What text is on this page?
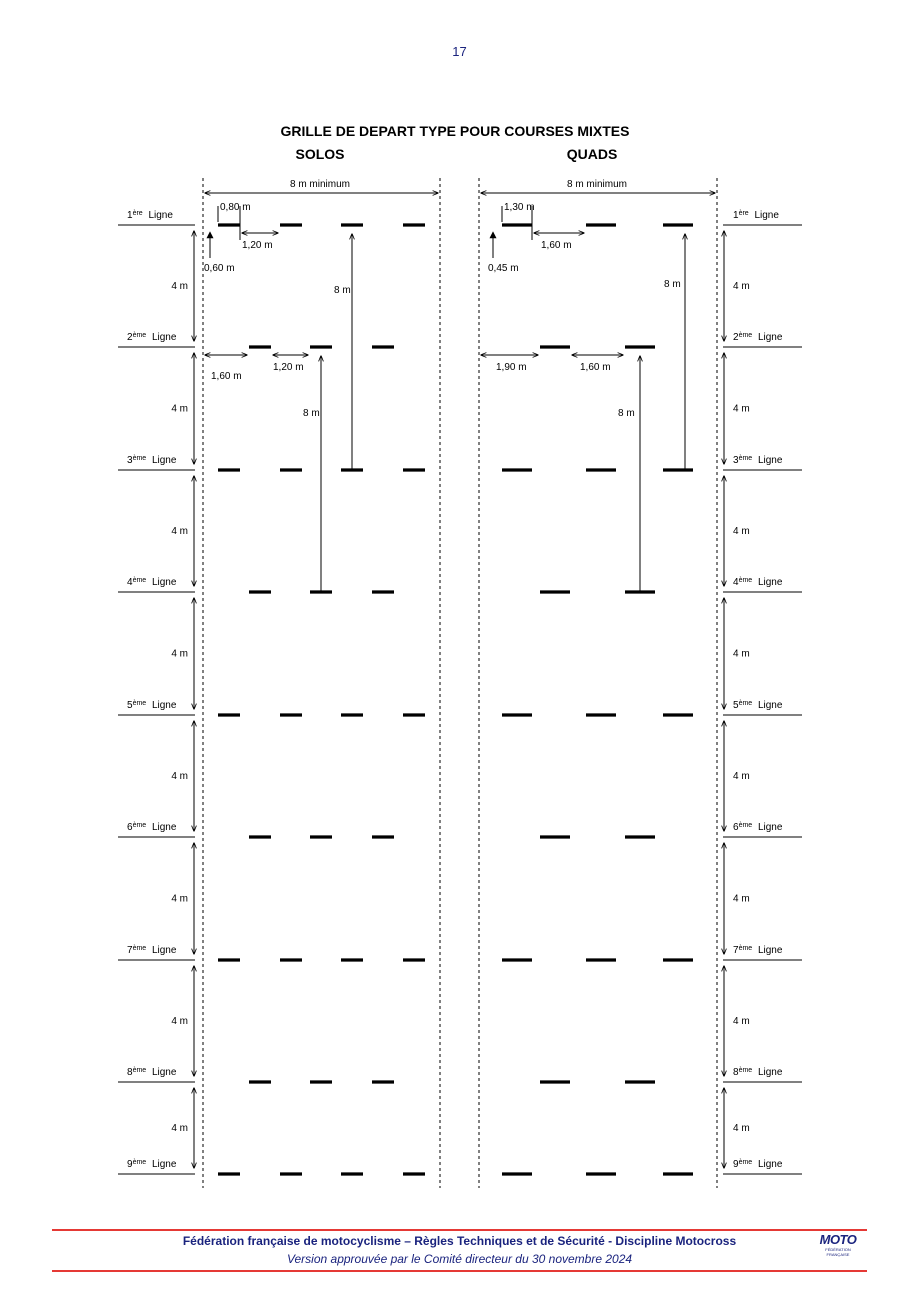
17
GRILLE DE DEPART TYPE POUR COURSES MIXTES
SOLOS	QUADS
8 m minimum	8 m minimum
1ère Ligne	1ère Ligne
2ème Ligne	2ème Ligne
3ème Ligne	3ème Ligne
4ème Ligne	4ème Ligne
5ème Ligne	5ème Ligne
6ème Ligne	6ème Ligne
7ème Ligne	7ème Ligne
8ème Ligne	8ème Ligne
9ème Ligne	9ème Ligne
4 m	4 m
4 m	4 m
4 m	4 m
4 m	4 m
4 m	4 m
4 m	4 m
4 m	4 m
4 m	4 m
0,80 m
1,20 m
0,60 m
1,60 m
1,20 m
8 m
8 m
1,30 m
1,60 m
0,45 m
1,90 m	1,60 m
8 m
8 m
Fédération française de motocyclisme – Règles Techniques et de Sécurité - Discipline Motocross
Version approuvée par le Comité directeur du 30 novembre 2024
MOTO
FÉDÉRATION
FRANÇAISE
